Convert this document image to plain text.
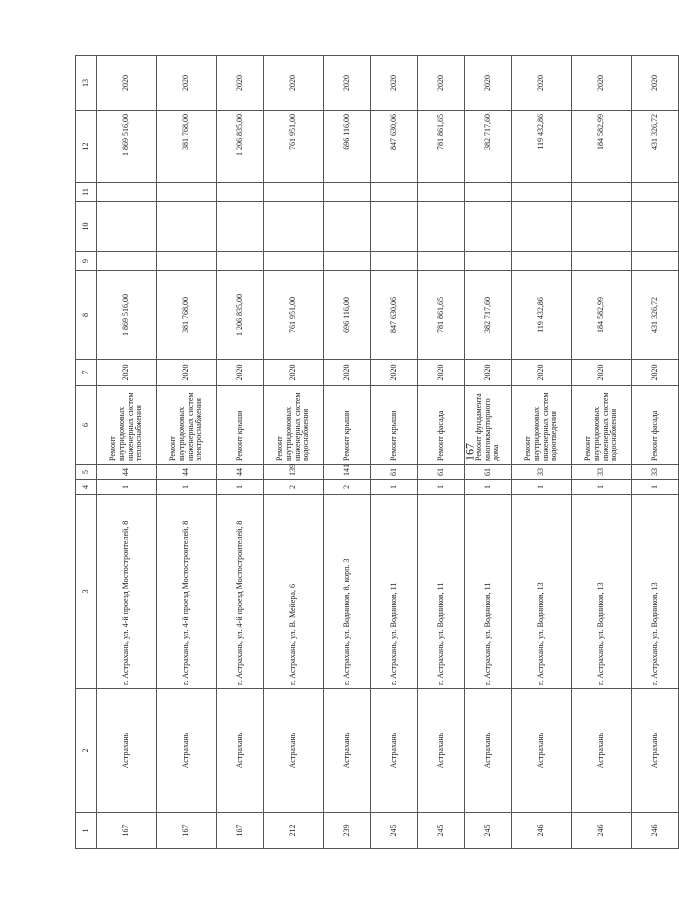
167
1	2	3	4	5	6	7	8	9	10	11	12	13
167	Астрахань	г. Астрахань, ул. 4-й проезд Мостостроителей, 8	1	44	Ремонт внутридомовых инженерных систем теплоснабжения	2020	1 869 516,00				1 869 516,00	2020
167	Астрахань	г. Астрахань, ул. 4-й проезд Мостостроителей, 8	1	44	Ремонт внутридомовых инженерных систем электроснабжения	2020	381 768,00				381 768,00	2020
167	Астрахань	г. Астрахань, ул. 4-й проезд Мостостроителей, 8	1	44	Ремонт крыши	2020	1 206 835,00				1 206 835,00	2020
212	Астрахань	г. Астрахань, ул. В. Мейера, 6	2	139	Ремонт внутридомовых инженерных систем водоснабжения	2020	761 951,00				761 951,00	2020
239	Астрахань	г. Астрахань, ул. Водников, 8, корп. 3	2	141	Ремонт крыши	2020	696 116,00				696 116,00	2020
245	Астрахань	г. Астрахань, ул. Водников, 11	1	61	Ремонт крыши	2020	847 630,06				847 630,06	2020
245	Астрахань	г. Астрахань, ул. Водников, 11	1	61	Ремонт фасада	2020	781 861,65				781 861,65	2020
245	Астрахань	г. Астрахань, ул. Водников, 11	1	61	Ремонт фундамента многоквартирного дома	2020	382 717,60				382 717,60	2020
246	Астрахань	г. Астрахань, ул. Водников, 13	1	33	Ремонт внутридомовых инженерных систем водоотведения	2020	119 432,86				119 432,86	2020
246	Астрахань	г. Астрахань, ул. Водников, 13	1	33	Ремонт внутридомовых инженерных систем водоснабжения	2020	184 582,99				184 582,99	2020
246	Астрахань	г. Астрахань, ул. Водников, 13	1	33	Ремонт фасада	2020	431 326,72				431 326,72	2020
